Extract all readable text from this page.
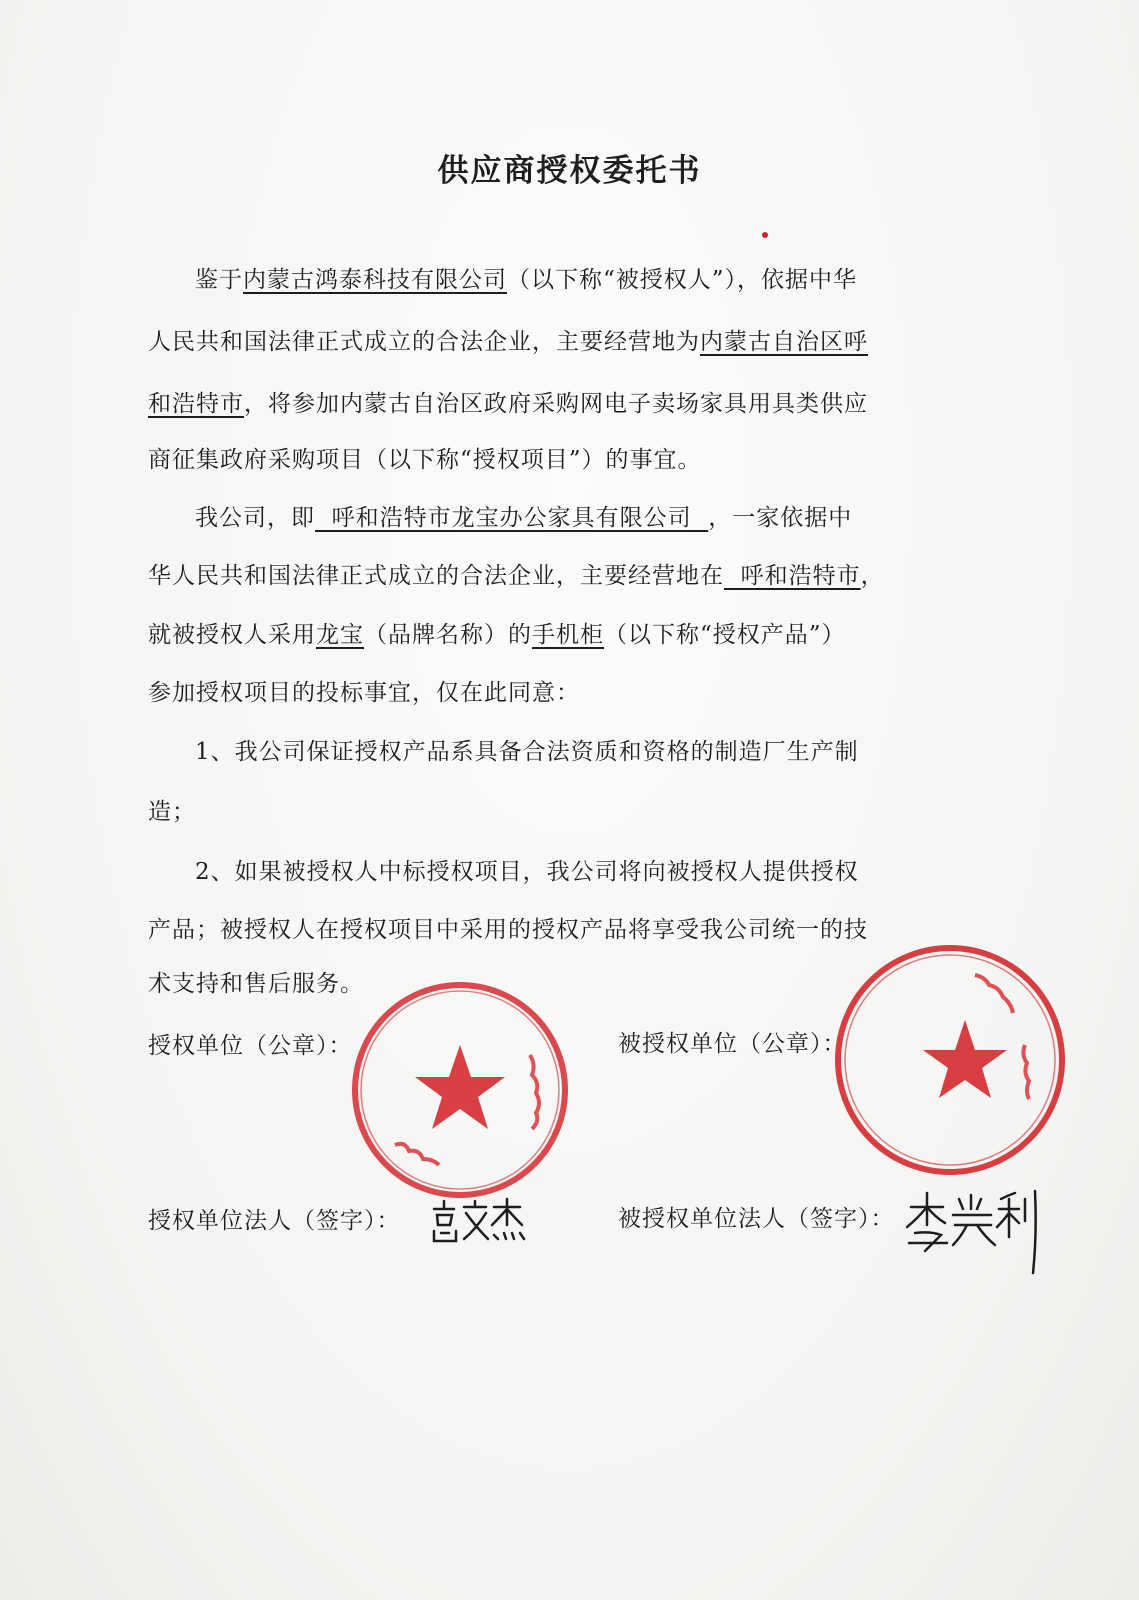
供应商授权委托书
鉴于内蒙古鸿泰科技有限公司（以下称“被授权人”），依据中华
人民共和国法律正式成立的合法企业，主要经营地为内蒙古自治区呼
和浩特市，将参加内蒙古自治区政府采购网电子卖场家具用具类供应
商征集政府采购项目（以下称“授权项目”）的事宜。
我公司，即  呼和浩特市龙宝办公家具有限公司  ，一家依据中
华人民共和国法律正式成立的合法企业，主要经营地在  呼和浩特市，
就被授权人采用龙宝（品牌名称）的手机柜（以下称“授权产品”）
参加授权项目的投标事宜，仅在此同意：
1、我公司保证授权产品系具备合法资质和资格的制造厂生产制
造；
2、如果被授权人中标授权项目，我公司将向被授权人提供授权
产品；被授权人在授权项目中采用的授权产品将享受我公司统一的技
术支持和售后服务。
授权单位（公章）：	被授权单位（公章）：
授权单位法人（签字）：	被授权单位法人（签字）：
